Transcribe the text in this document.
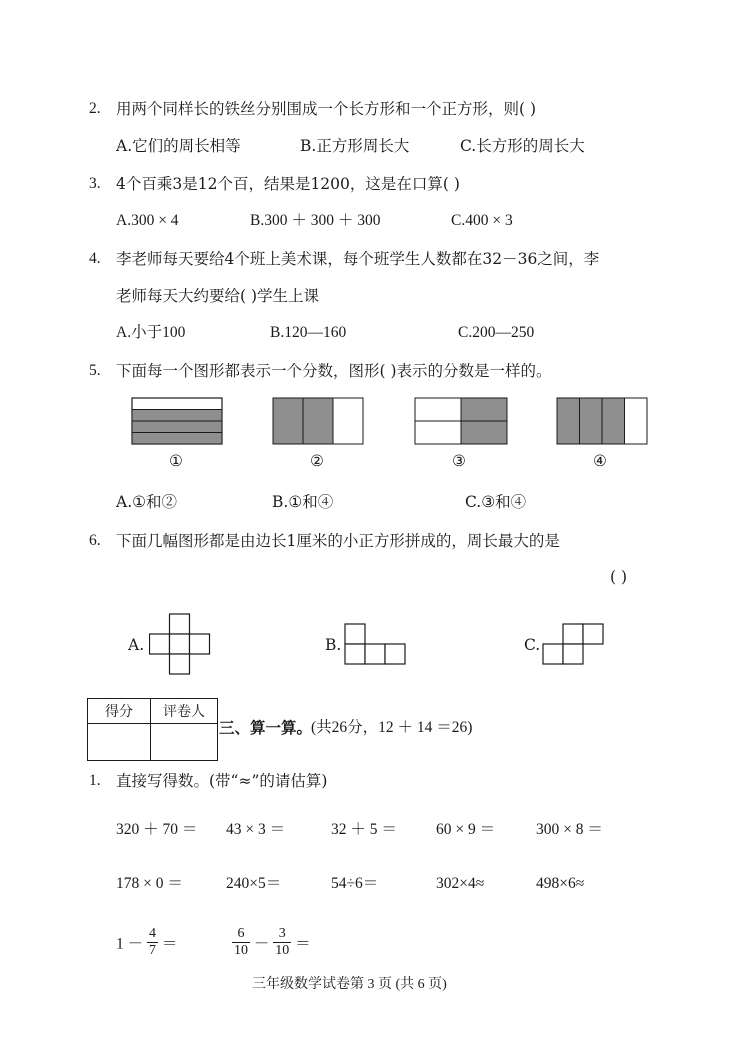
2. 用两个同样长的铁丝分别围成一个长方形和一个正方形，则( )
A.它们的周长相等	B.正方形周长大	C.长方形的周长大
3. 4个百乘3是12个百，结果是1200，这是在口算( )
A.300 × 4	B.300 ＋ 300 ＋ 300	C.400 × 3
4. 李老师每天要给4个班上美术课，每个班学生人数都在32－36之间，李
老师每天大约要给( )学生上课
A.小于100	B.120—160	C.200—250
5. 下面每一个图形都表示一个分数，图形( )表示的分数是一样的。
①	②	③	④
A.①和②	B.①和④	C.③和④
6. 下面几幅图形都是由边长1厘米的小正方形拼成的，周长最大的是
( )
A.	B.	C.
得分	评卷人

三、算一算。
(共26分，12 ＋ 14 ＝26)
1. 直接写得数。(带“≈”的请估算)
320 ＋ 70 ＝ 43 × 3 ＝	32 ＋ 5 ＝	60 × 9 ＝	300 × 8 ＝
178 × 0 ＝	240×5＝	54÷6＝	302×4≈	498×6≈
$1 - \frac{4}{7}$ ＝	$\frac{6}{10} - \frac{3}{10}$ ＝
三年级数学试卷第 3 页 (共 6 页)
